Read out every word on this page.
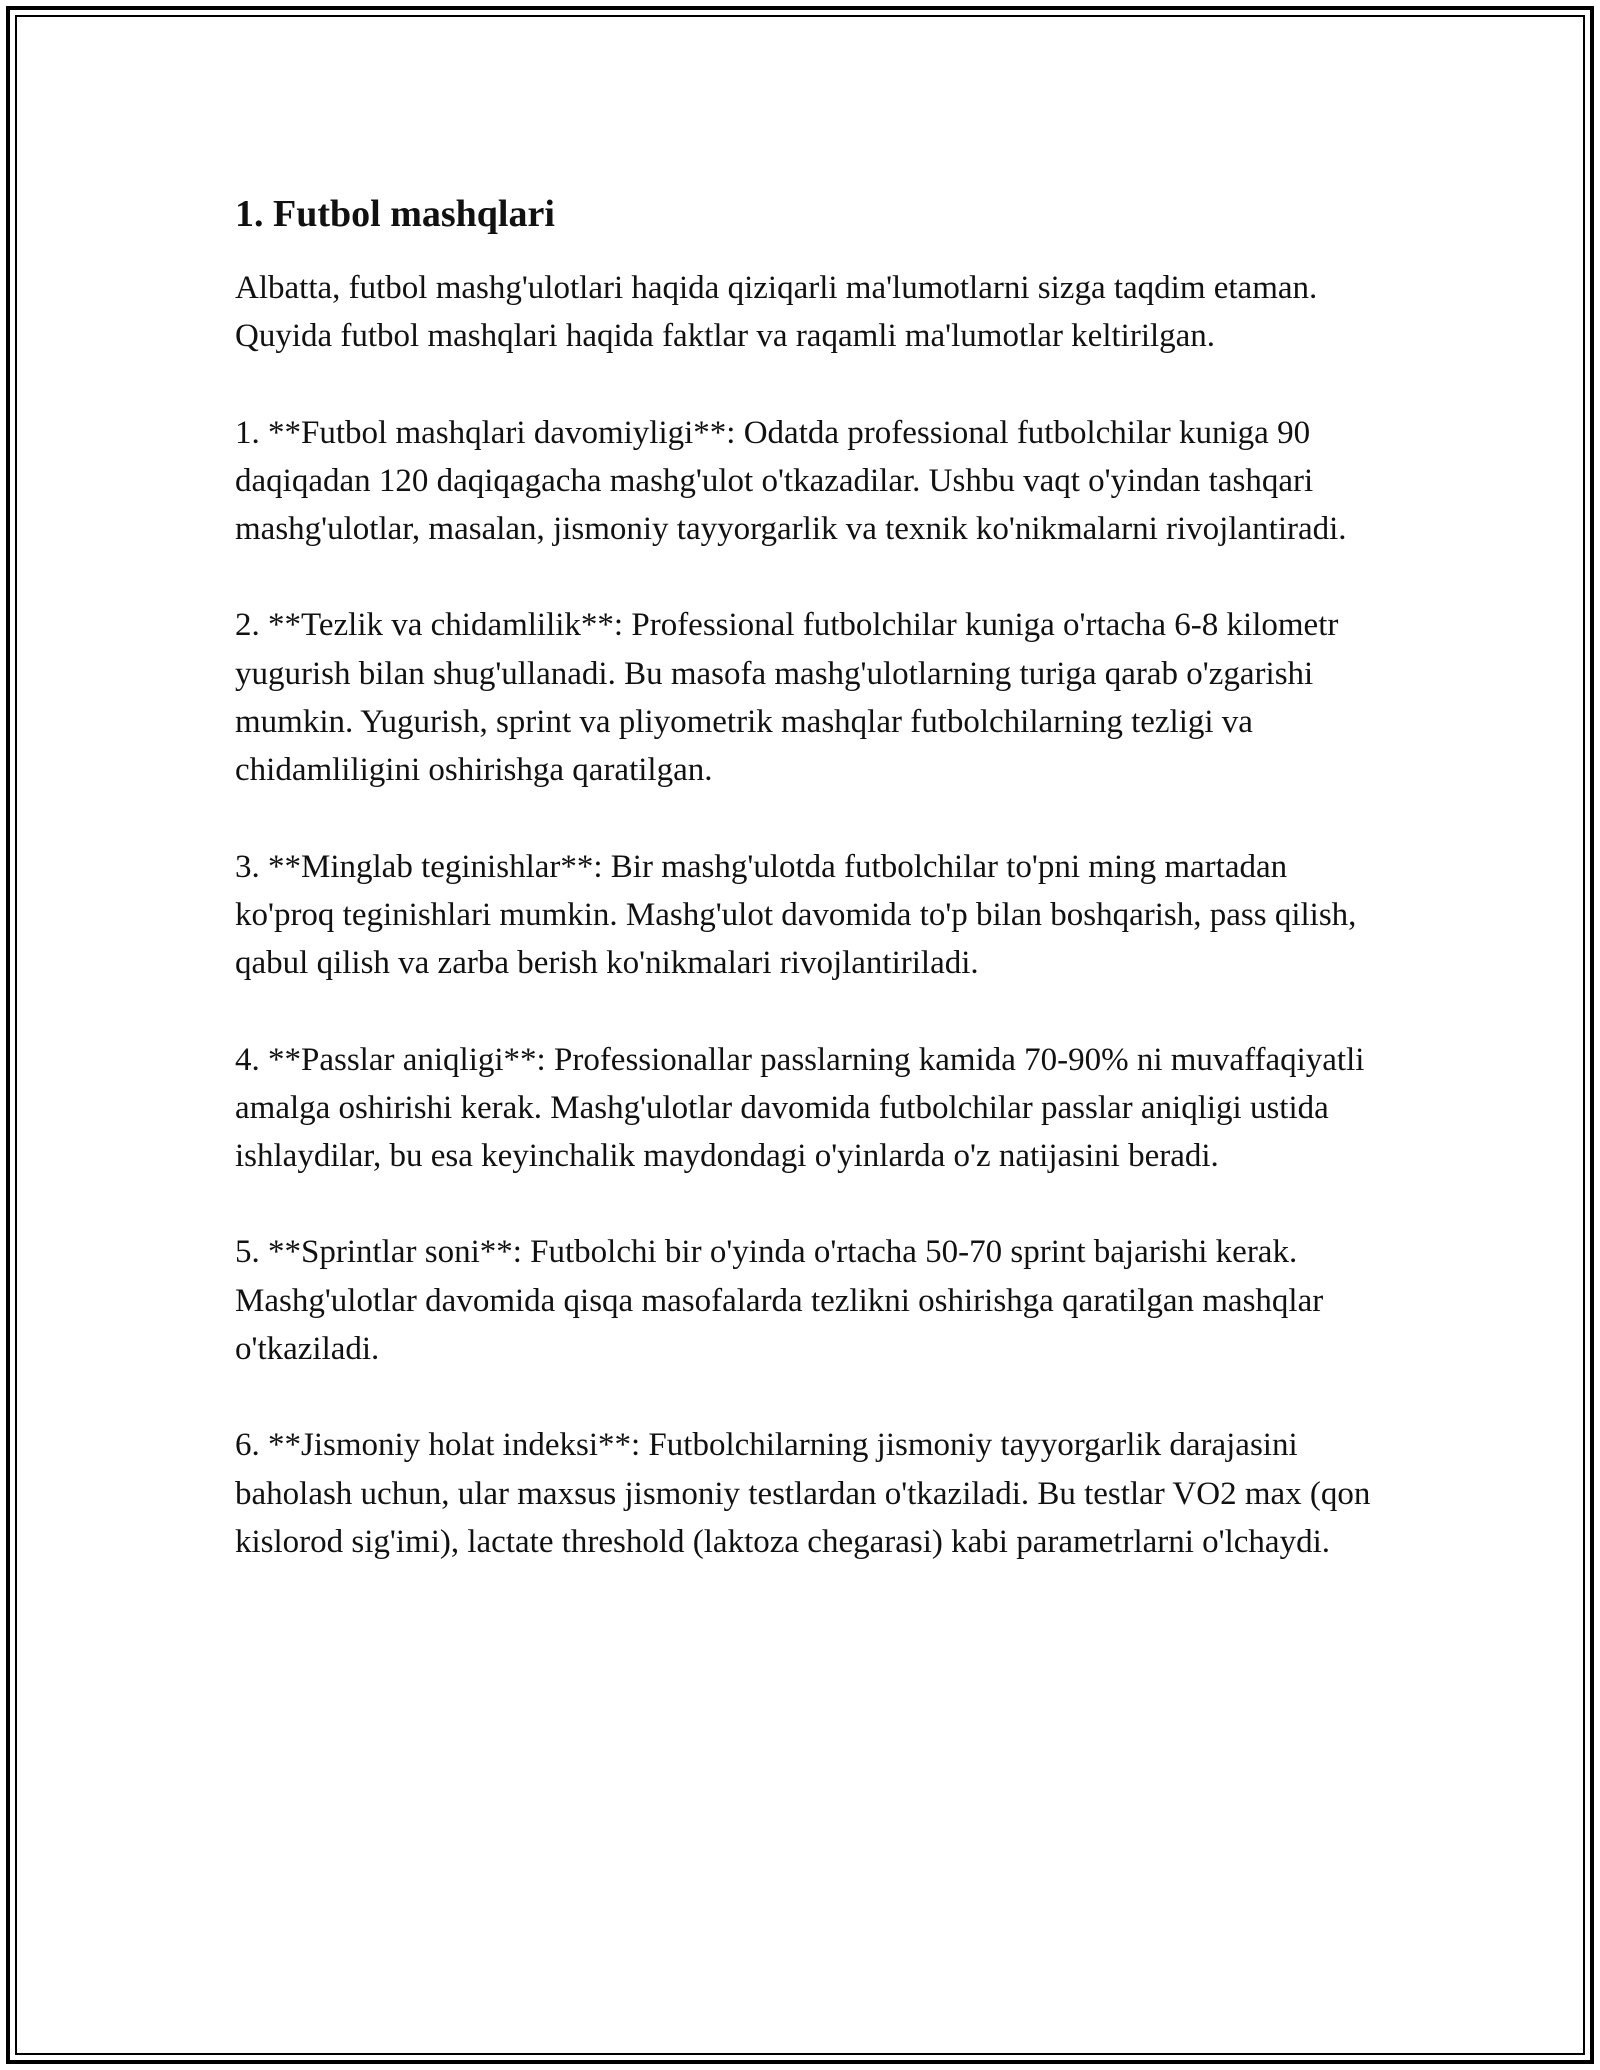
1. Futbol mashqlari

Albatta, futbol mashg'ulotlari haqida qiziqarli ma'lumotlarni sizga taqdim etaman. Quyida futbol mashqlari haqida faktlar va raqamli ma'lumotlar keltirilgan.

1. **Futbol mashqlari davomiyligi**: Odatda professional futbolchilar kuniga 90 daqiqadan 120 daqiqagacha mashg'ulot o'tkazadilar. Ushbu vaqt o'yindan tashqari mashg'ulotlar, masalan, jismoniy tayyorgarlik va texnik ko'nikmalarni rivojlantiradi.

2. **Tezlik va chidamlilik**: Professional futbolchilar kuniga o'rtacha 6-8 kilometr yugurish bilan shug'ullanadi. Bu masofa mashg'ulotlarning turiga qarab o'zgarishi mumkin. Yugurish, sprint va pliyometrik mashqlar futbolchilarning tezligi va chidamliligini oshirishga qaratilgan.

3. **Minglab teginishlar**: Bir mashg'ulotda futbolchilar to'pni ming martadan ko'proq teginishlari mumkin. Mashg'ulot davomida to'p bilan boshqarish, pass qilish, qabul qilish va zarba berish ko'nikmalari rivojlantiriladi.

4. **Passlar aniqligi**: Professionallar passlarning kamida 70-90% ni muvaffaqiyatli amalga oshirishi kerak. Mashg'ulotlar davomida futbolchilar passlar aniqligi ustida ishlaydilar, bu esa keyinchalik maydondagi o'yinlarda o'z natijasini beradi.

5. **Sprintlar soni**: Futbolchi bir o'yinda o'rtacha 50-70 sprint bajarishi kerak. Mashg'ulotlar davomida qisqa masofalarda tezlikni oshirishga qaratilgan mashqlar o'tkaziladi.

6. **Jismoniy holat indeksi**: Futbolchilarning jismoniy tayyorgarlik darajasini baholash uchun, ular maxsus jismoniy testlardan o'tkaziladi. Bu testlar VO2 max (qon kislorod sig'imi), lactate threshold (laktoza chegarasi) kabi parametrlarni o'lchaydi.
